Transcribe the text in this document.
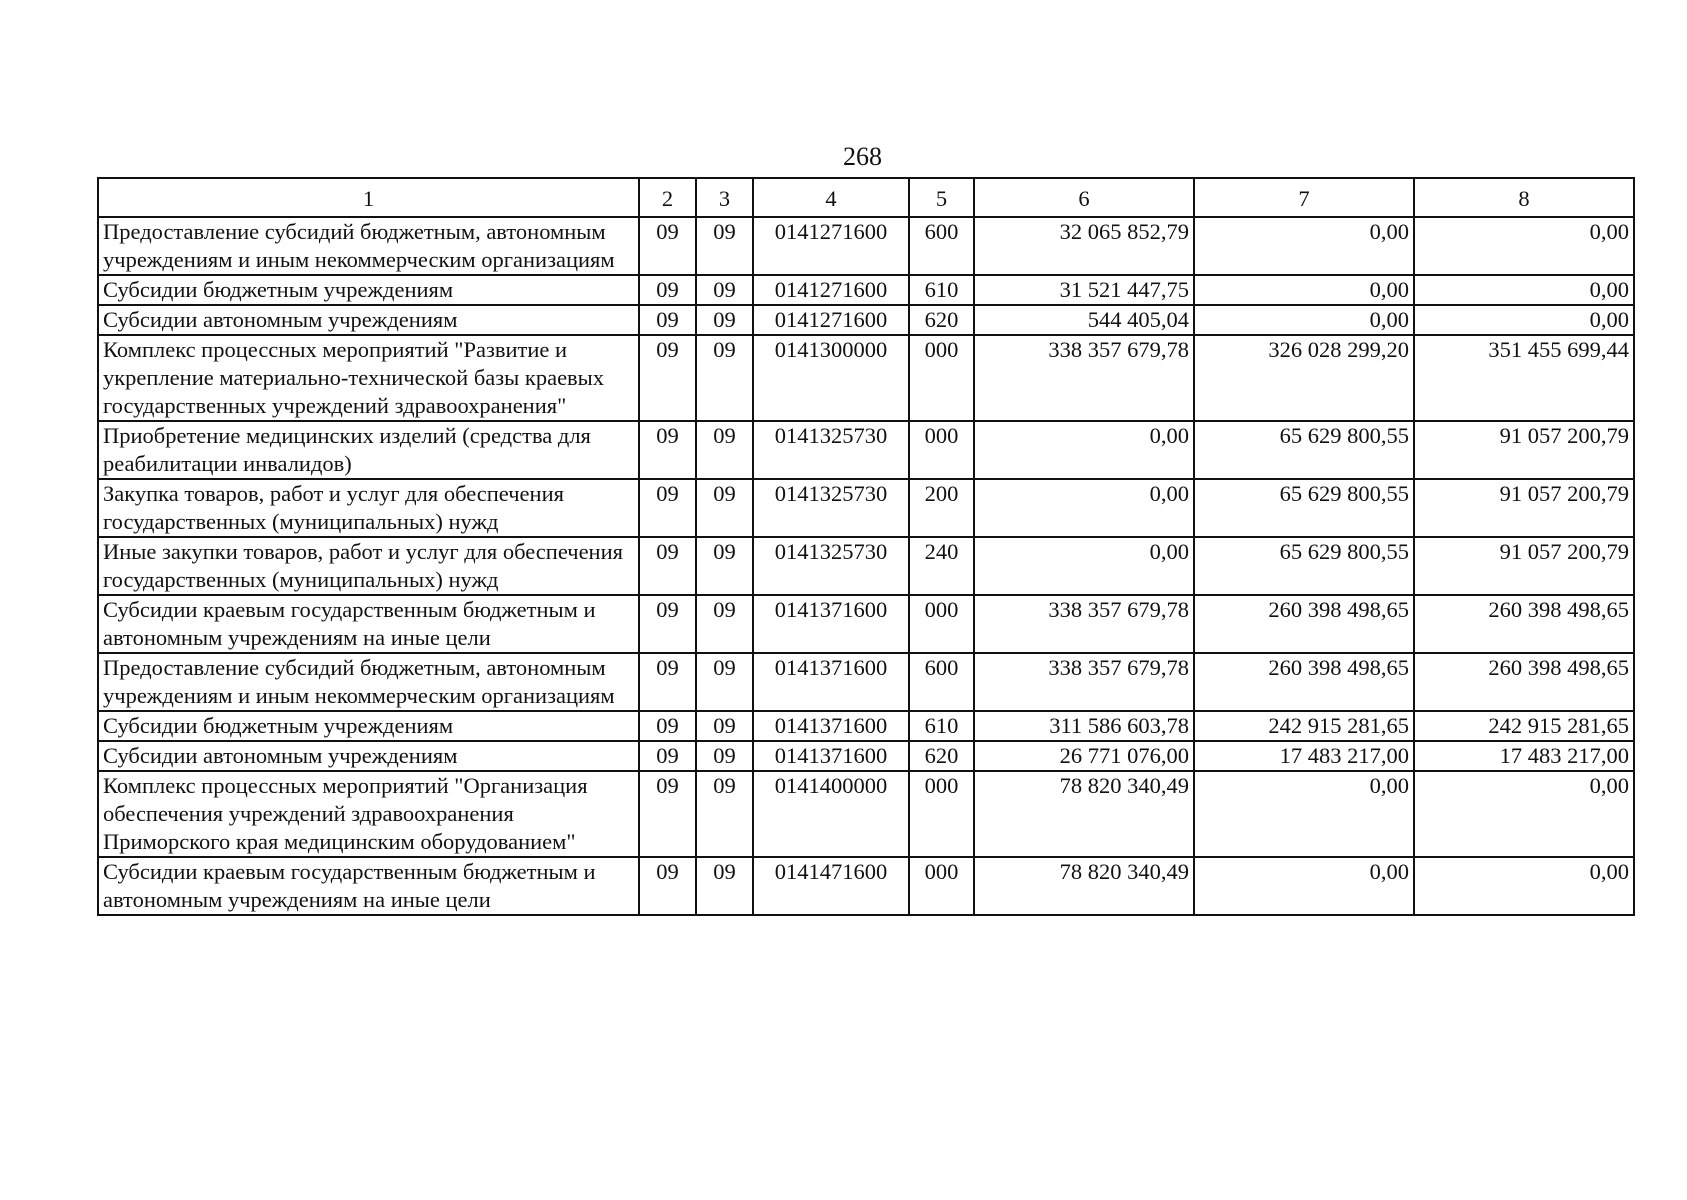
268
1	2	3	4	5	6	7	8
Предоставление субсидий бюджетным, автономным учреждениям и иным некоммерческим организациям	09	09	0141271600	600	32 065 852,79	0,00	0,00
Субсидии бюджетным учреждениям	09	09	0141271600	610	31 521 447,75	0,00	0,00
Субсидии автономным учреждениям	09	09	0141271600	620	544 405,04	0,00	0,00
Комплекс процессных мероприятий "Развитие и укрепление материально-технической базы краевых государственных учреждений здравоохранения"	09	09	0141300000	000	338 357 679,78	326 028 299,20	351 455 699,44
Приобретение медицинских изделий (средства для реабилитации инвалидов)	09	09	0141325730	000	0,00	65 629 800,55	91 057 200,79
Закупка товаров, работ и услуг для обеспечения государственных (муниципальных) нужд	09	09	0141325730	200	0,00	65 629 800,55	91 057 200,79
Иные закупки товаров, работ и услуг для обеспечения государственных (муниципальных) нужд	09	09	0141325730	240	0,00	65 629 800,55	91 057 200,79
Субсидии краевым государственным бюджетным и автономным учреждениям на иные цели	09	09	0141371600	000	338 357 679,78	260 398 498,65	260 398 498,65
Предоставление субсидий бюджетным, автономным учреждениям и иным некоммерческим организациям	09	09	0141371600	600	338 357 679,78	260 398 498,65	260 398 498,65
Субсидии бюджетным учреждениям	09	09	0141371600	610	311 586 603,78	242 915 281,65	242 915 281,65
Субсидии автономным учреждениям	09	09	0141371600	620	26 771 076,00	17 483 217,00	17 483 217,00
Комплекс процессных мероприятий "Организация обеспечения учреждений здравоохранения Приморского края медицинским оборудованием"	09	09	0141400000	000	78 820 340,49	0,00	0,00
Субсидии краевым государственным бюджетным и автономным учреждениям на иные цели	09	09	0141471600	000	78 820 340,49	0,00	0,00
